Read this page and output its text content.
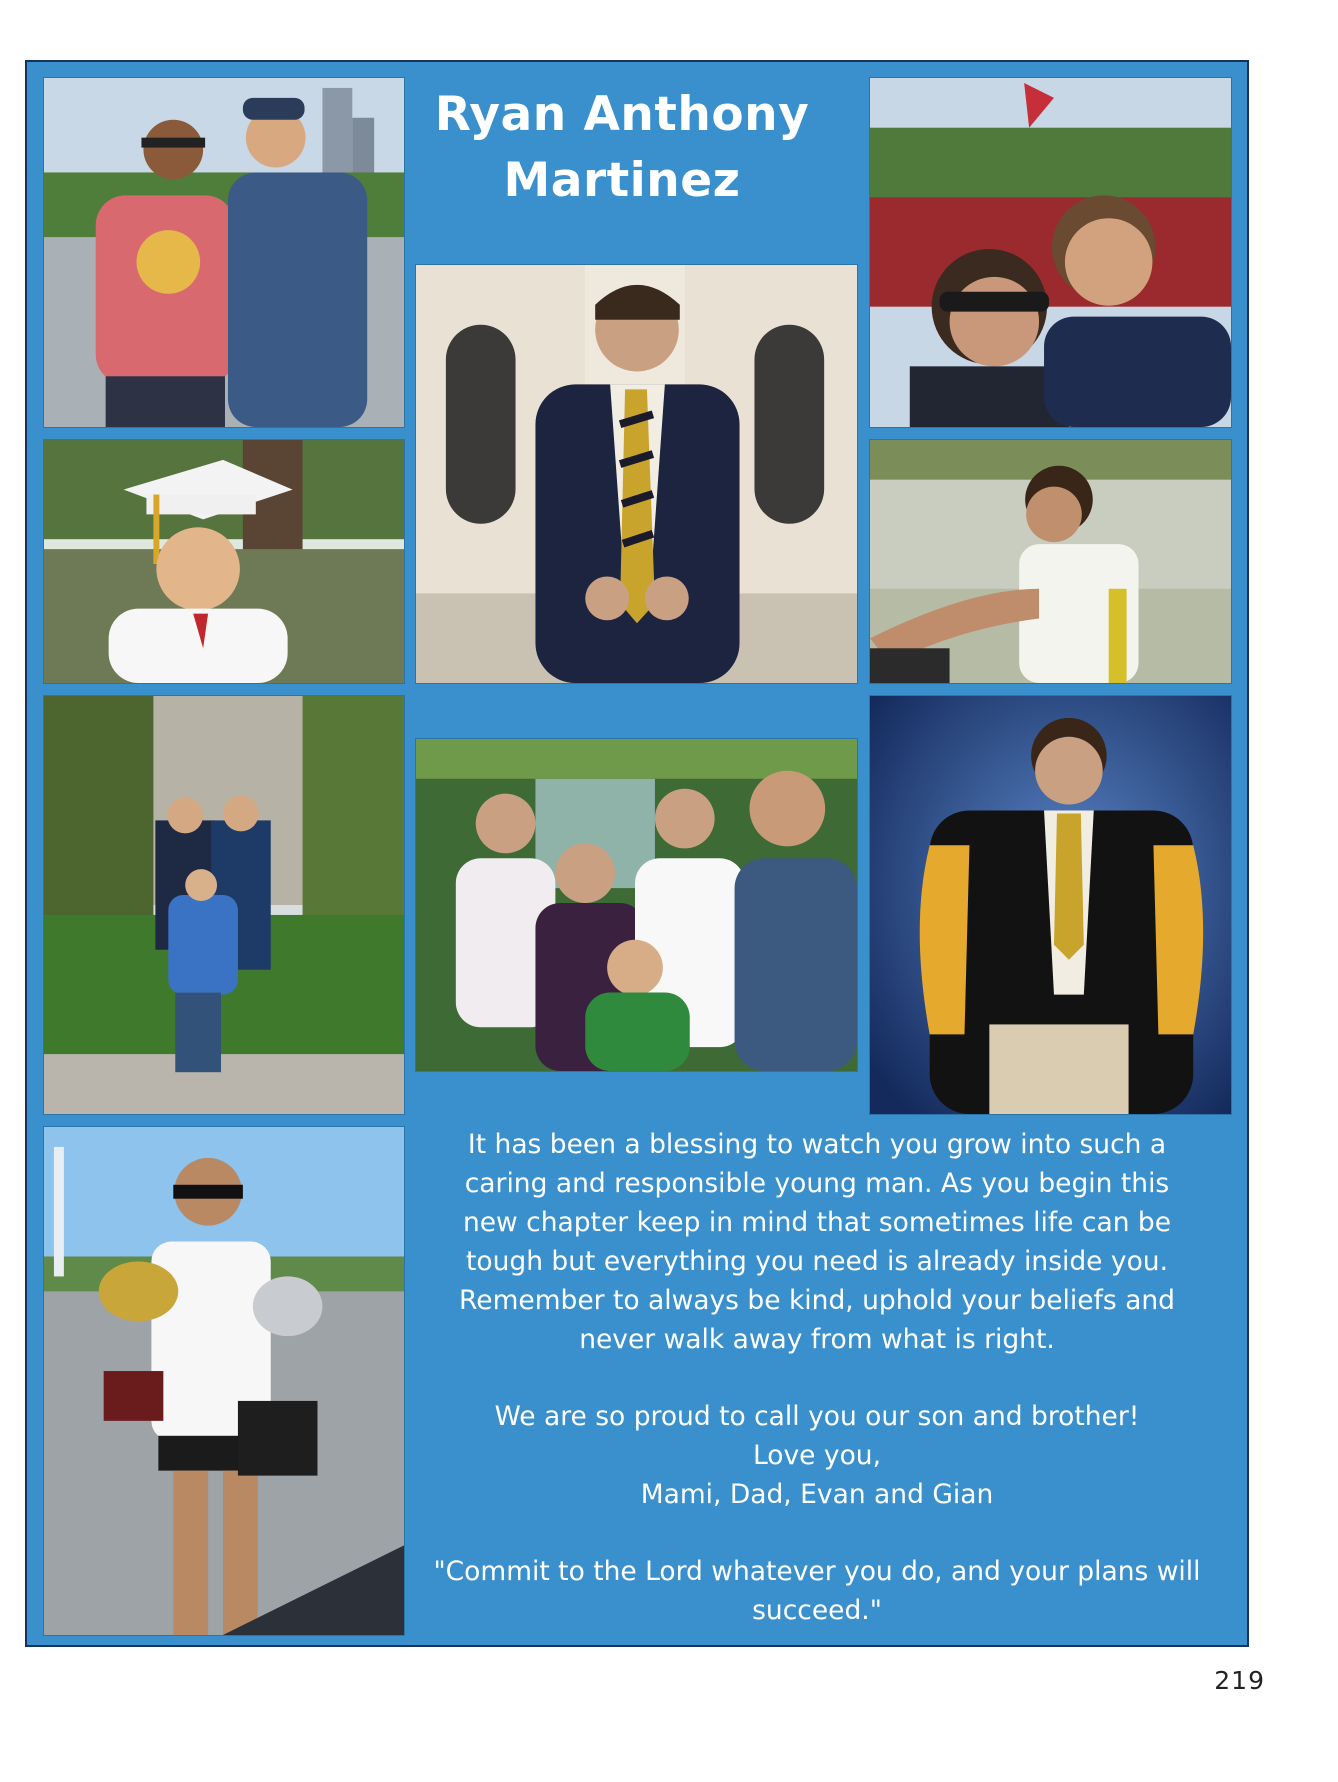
Ryan Anthony
Martinez

It has been a blessing to watch you grow into such a

caring and responsible young man. As you begin this

new chapter keep in mind that sometimes life can be

tough but everything you need is already inside you.

Remember to always be kind, uphold your beliefs and

never walk away from what is right.

We are so proud to call you our son and brother!

Love you,

Mami, Dad, Evan and Gian

"Commit to the Lord whatever you do, and your plans will

succeed."

219
